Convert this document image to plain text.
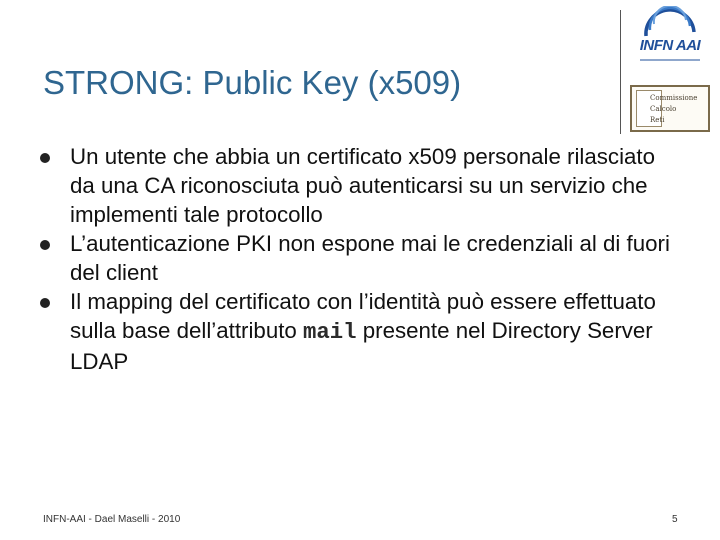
STRONG: Public Key (x509)
INFN AAI
Commissione
Calcolo
Reti
Un utente che abbia un certificato x509 personale rilasciato da una CA riconosciuta può autenticarsi su un servizio che implementi tale protocollo
L’autenticazione PKI non espone mai le credenziali al di fuori del client
Il mapping del certificato con l’identità può essere effettuato sulla base dell’attributo mail presente nel Directory Server LDAP
INFN-AAI - Dael Maselli - 2010	5
